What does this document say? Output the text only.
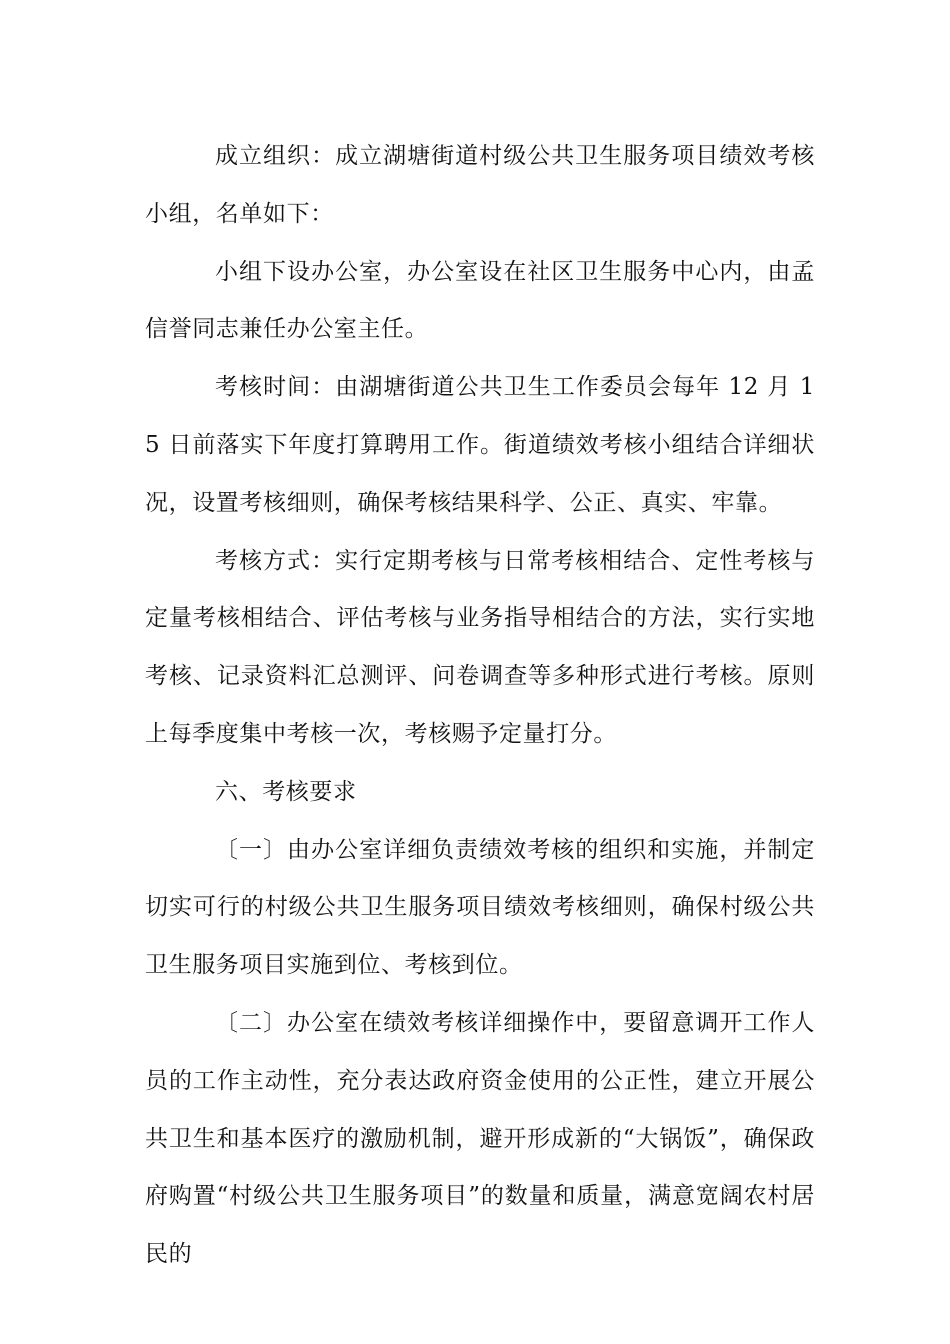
成立组织：成立湖塘街道村级公共卫生服务项目绩效考核小组，名单如下：

小组下设办公室，办公室设在社区卫生服务中心内，由孟信誉同志兼任办公室主任。

考核时间：由湖塘街道公共卫生工作委员会每年 12 月 15 日前落实下年度打算聘用工作。街道绩效考核小组结合详细状况，设置考核细则，确保考核结果科学、公正、真实、牢靠。

考核方式：实行定期考核与日常考核相结合、定性考核与定量考核相结合、评估考核与业务指导相结合的方法，实行实地考核、记录资料汇总测评、问卷调查等多种形式进行考核。原则上每季度集中考核一次，考核赐予定量打分。

六、考核要求

〔一〕由办公室详细负责绩效考核的组织和实施，并制定切实可行的村级公共卫生服务项目绩效考核细则，确保村级公共卫生服务项目实施到位、考核到位。

〔二〕办公室在绩效考核详细操作中，要留意调开工作人员的工作主动性，充分表达政府资金使用的公正性，建立开展公共卫生和基本医疗的激励机制，避开形成新的“大锅饭”，确保政府购置“村级公共卫生服务项目”的数量和质量，满意宽阔农村居民的
